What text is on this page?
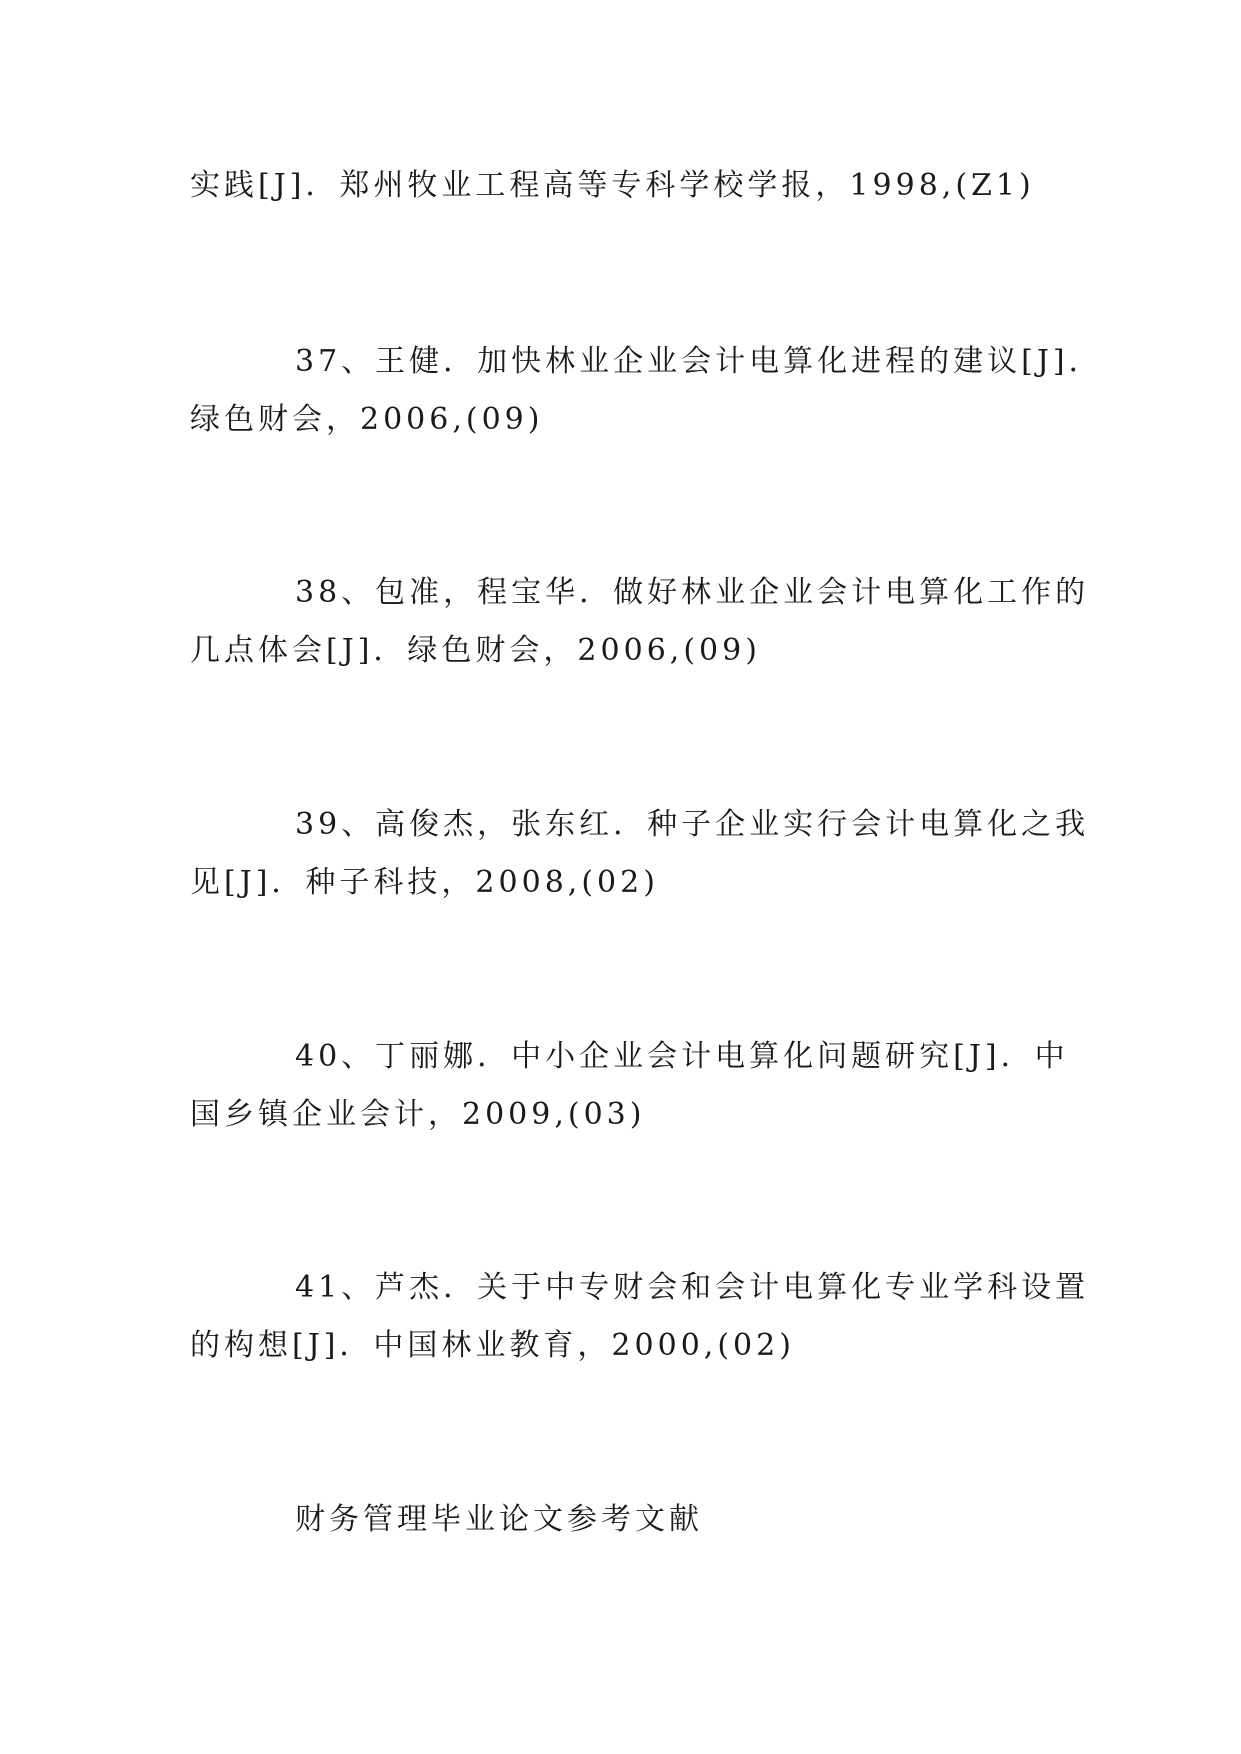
实践[J]．郑州牧业工程高等专科学校学报，1998,(Z1)
37、王健．加快林业企业会计电算化进程的建议[J]．
绿色财会，2006,(09)
38、包准，程宝华．做好林业企业会计电算化工作的
几点体会[J]．绿色财会，2006,(09)
39、高俊杰，张东红．种子企业实行会计电算化之我
见[J]．种子科技，2008,(02)
40、丁丽娜．中小企业会计电算化问题研究[J]．中
国乡镇企业会计，2009,(03)
41、芦杰．关于中专财会和会计电算化专业学科设置
的构想[J]．中国林业教育，2000,(02)
财务管理毕业论文参考文献
